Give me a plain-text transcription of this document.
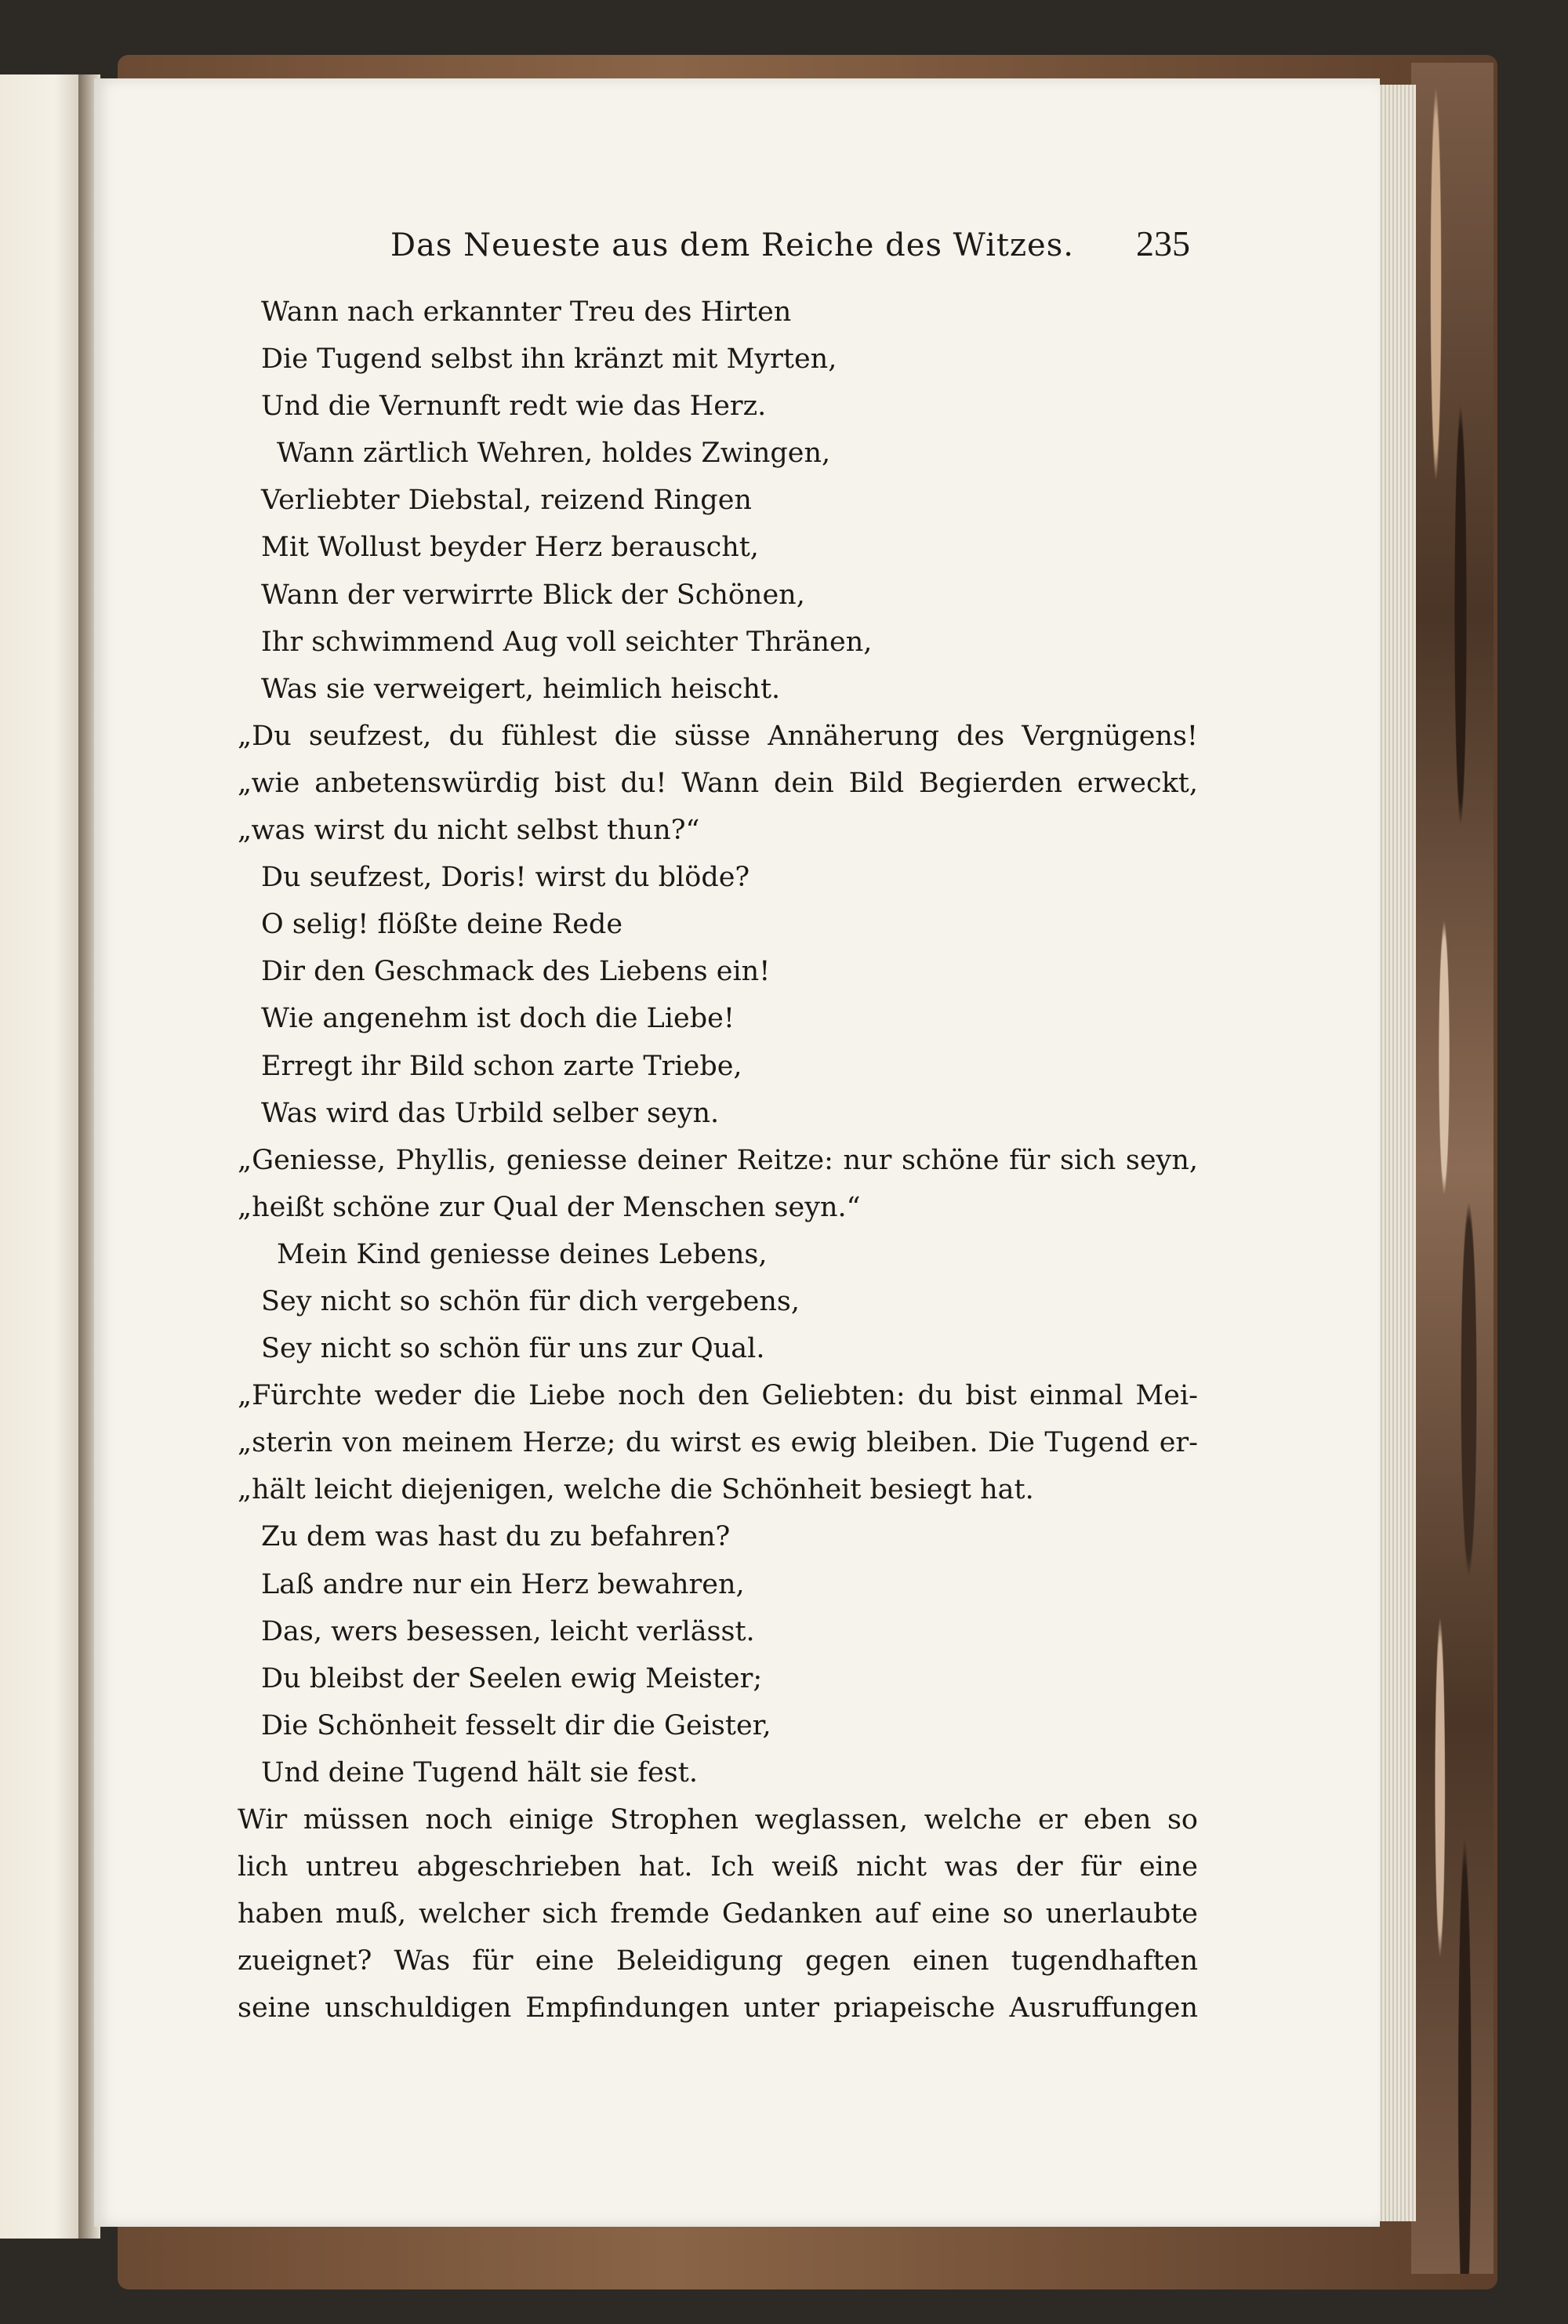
Das Neueste aus dem Reiche des Witzes. 235
Wann nach erkannter Treu des Hirten
Die Tugend selbst ihn kränzt mit Myrten,
Und die Vernunft redt wie das Herz.
Wann zärtlich Wehren, holdes Zwingen,
Verliebter Diebstal, reizend Ringen
Mit Wollust beyder Herz berauscht,
Wann der verwirrte Blick der Schönen,
Ihr schwimmend Aug voll seichter Thränen,
Was sie verweigert, heimlich heischt.
„Du seufzest, du fühlest die süsse Annäherung des Vergnügens!
„wie anbetenswürdig bist du! Wann dein Bild Begierden erweckt,
„was wirst du nicht selbst thun?“
Du seufzest, Doris! wirst du blöde?
O selig! flößte deine Rede
Dir den Geschmack des Liebens ein!
Wie angenehm ist doch die Liebe!
Erregt ihr Bild schon zarte Triebe,
Was wird das Urbild selber seyn.
„Geniesse, Phyllis, geniesse deiner Reitze: nur schöne für sich seyn,
„heißt schöne zur Qual der Menschen seyn.“
Mein Kind geniesse deines Lebens,
Sey nicht so schön für dich vergebens,
Sey nicht so schön für uns zur Qual.
„Fürchte weder die Liebe noch den Geliebten: du bist einmal Mei-
„sterin von meinem Herze; du wirst es ewig bleiben. Die Tugend er-
„hält leicht diejenigen, welche die Schönheit besiegt hat.
Zu dem was hast du zu befahren?
Laß andre nur ein Herz bewahren,
Das, wers besessen, leicht verlässt.
Du bleibst der Seelen ewig Meister;
Die Schönheit fesselt dir die Geister,
Und deine Tugend hält sie fest.
Wir müssen noch einige Strophen weglassen, welche er eben so
lich untreu abgeschrieben hat. Ich weiß nicht was der für eine
haben muß, welcher sich fremde Gedanken auf eine so unerlaubte
zueignet? Was für eine Beleidigung gegen einen tugendhaften
seine unschuldigen Empfindungen unter priapeische Ausruffungen
